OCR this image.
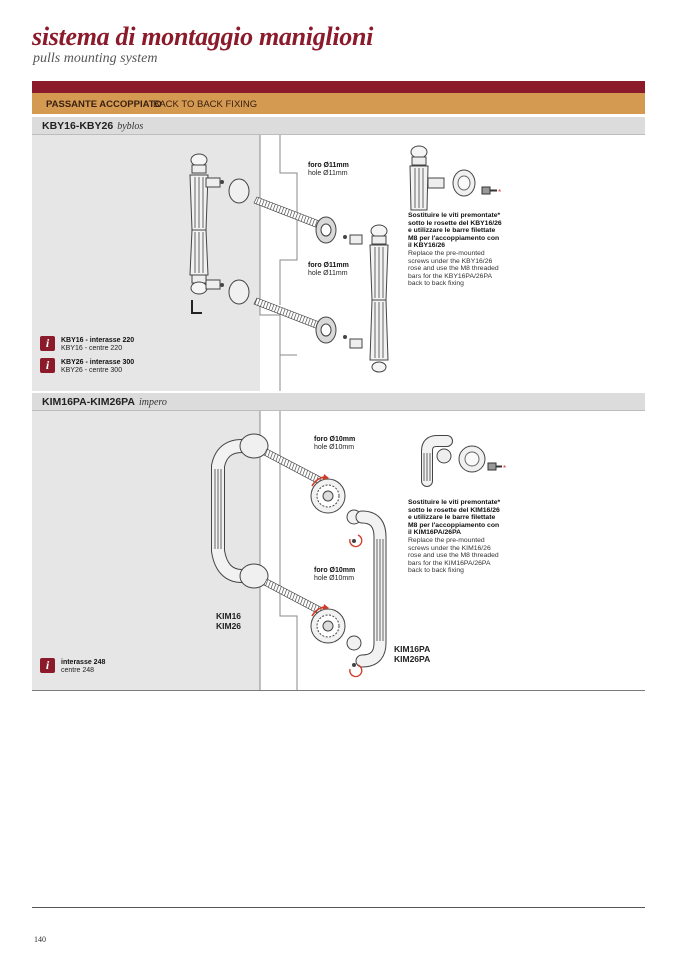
sistema di montaggio maniglioni
pulls mounting system
PASSANTE ACCOPPIATO
BACK TO BACK FIXING
KBY16-KBY26 byblos
*
foro Ø11mm
hole Ø11mm
foro Ø11mm
hole Ø11mm
Sostituire le viti premontate* sotto le rosette del KBY16/26 e utilizzare le barre filettate M8 per l'accoppiamento con il KBY16/26
Replace the pre-mounted screws under the KBY16/26 rose and use the M8 threaded bars for the KBY16PA/26PA back to back fixing
i	KBY16 - interasse 220
KBY16 - centre 220
i	KBY26 - interasse 300
KBY26 - centre 300
KIM16PA-KIM26PA impero
*
foro Ø10mm
hole Ø10mm
foro Ø10mm
hole Ø10mm
Sostituire le viti premontate* sotto le rosette del KIM16/26 e utilizzare le barre filettate M8 per l'accoppiamento con il KIM16PA/26PA
Replace the pre-mounted screws under the KIM16/26 rose and use the M8 threaded bars for the KIM16PA/26PA back to back fixing
KIM16
KIM26
KIM16PA
KIM26PA
i	interasse 248
centre 248
140
